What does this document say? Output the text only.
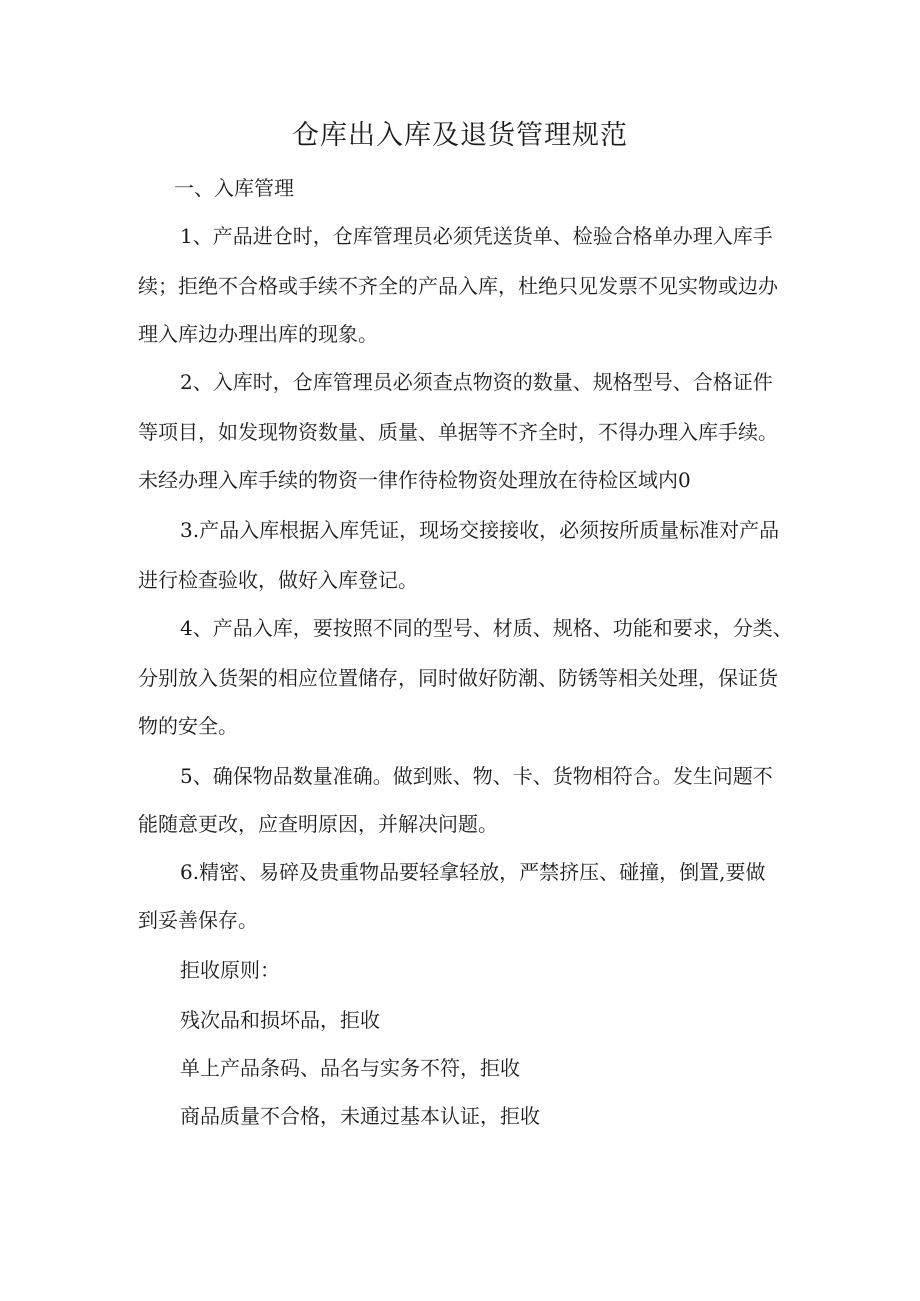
仓库出入库及退货管理规范
一、入库管理
1、产品进仓时，仓库管理员必须凭送货单、检验合格单办理入库手
续；拒绝不合格或手续不齐全的产品入库，杜绝只见发票不见实物或边办
理入库边办理出库的现象。
2、入库时，仓库管理员必须查点物资的数量、规格型号、合格证件
等项目，如发现物资数量、质量、单据等不齐全时，不得办理入库手续。
未经办理入库手续的物资一律作待检物资处理放在待检区域内0
3.产品入库根据入库凭证，现场交接接收，必须按所质量标准对产品
进行检查验收，做好入库登记。
4、产品入库，要按照不同的型号、材质、规格、功能和要求，分类、
分别放入货架的相应位置储存，同时做好防潮、防锈等相关处理，保证货
物的安全。
5、确保物品数量准确。做到账、物、卡、货物相符合。发生问题不
能随意更改，应查明原因，并解决问题。
6.精密、易碎及贵重物品要轻拿轻放，严禁挤压、碰撞，倒置,要做
到妥善保存。
拒收原则：
残次品和损坏品，拒收
单上产品条码、品名与实务不符，拒收
商品质量不合格，未通过基本认证，拒收
